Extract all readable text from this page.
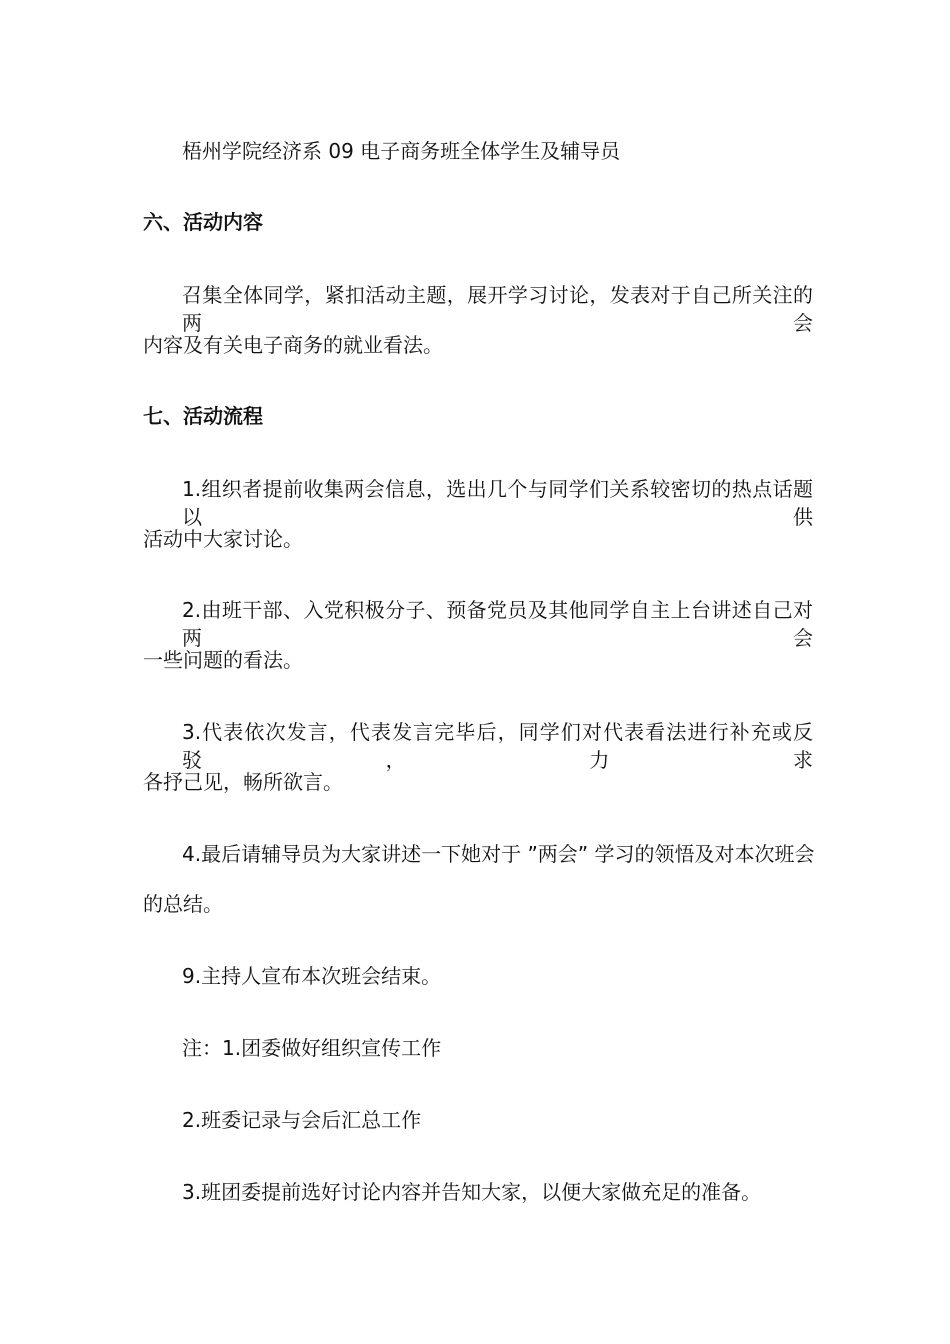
梧州学院经济系 09 电子商务班全体学生及辅导员
六、活动内容
召集全体同学，紧扣活动主题，展开学习讨论，发表对于自己所关注的两会
内容及有关电子商务的就业看法。
七、活动流程
1.组织者提前收集两会信息，选出几个与同学们关系较密切的热点话题以供
活动中大家讨论。
2.由班干部、入党积极分子、预备党员及其他同学自主上台讲述自己对两会
一些问题的看法。
3.代表依次发言，代表发言完毕后，同学们对代表看法进行补充或反驳，力求
各抒己见，畅所欲言。
4.最后请辅导员为大家讲述一下她对于 ”两会” 学习的领悟及对本次班会
的总结。
9.主持人宣布本次班会结束。
注：1.团委做好组织宣传工作
2.班委记录与会后汇总工作
3.班团委提前选好讨论内容并告知大家，以便大家做充足的准备。
